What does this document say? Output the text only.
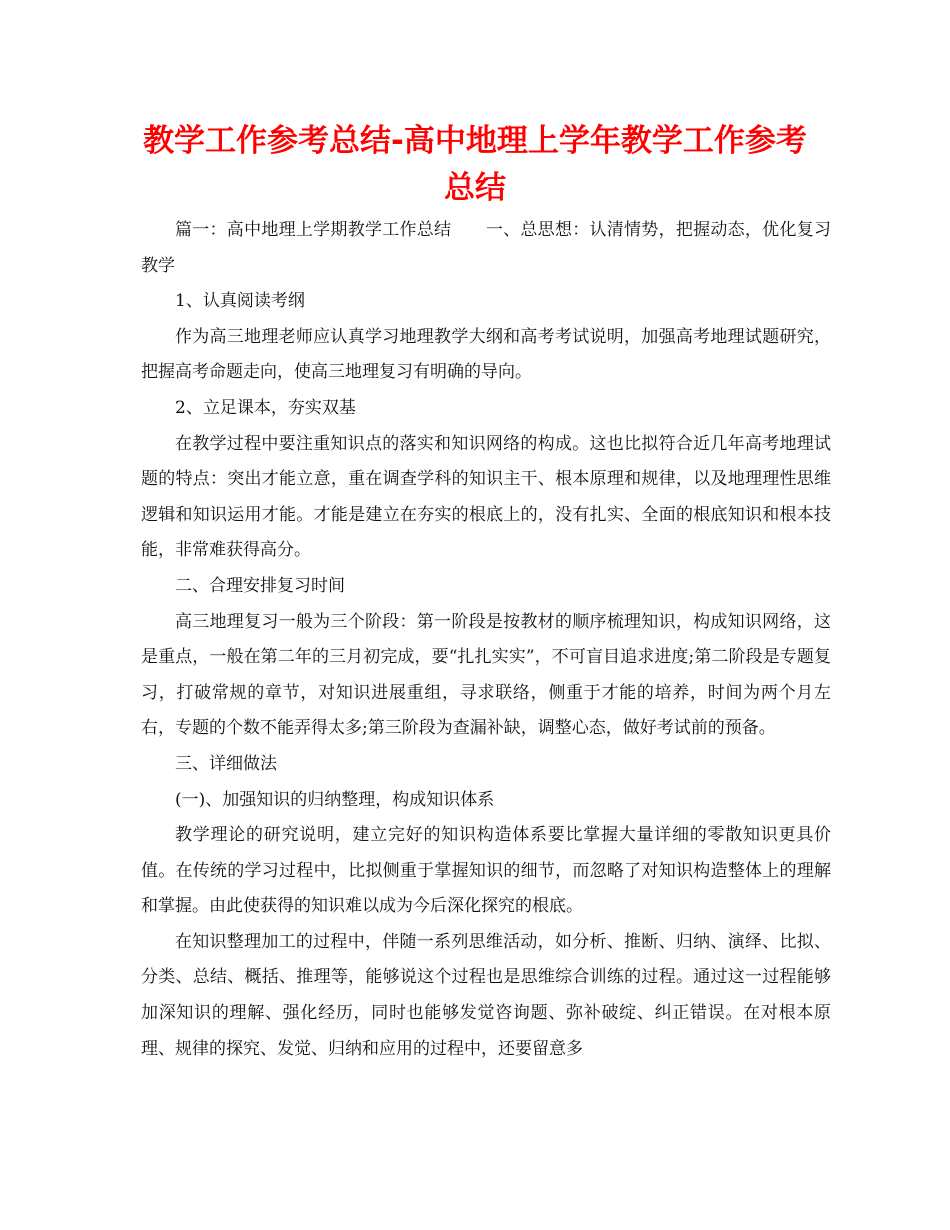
教学工作参考总结-高中地理上学年教学工作参考总结

篇一：高中地理上学期教学工作总结　　一、总思想：认清情势，把握动态，优化复习教学

1、认真阅读考纲

作为高三地理老师应认真学习地理教学大纲和高考考试说明，加强高考地理试题研究，把握高考命题走向，使高三地理复习有明确的导向。

2、立足课本，夯实双基

在教学过程中要注重知识点的落实和知识网络的构成。这也比拟符合近几年高考地理试题的特点：突出才能立意，重在调查学科的知识主干、根本原理和规律，以及地理理性思维逻辑和知识运用才能。才能是建立在夯实的根底上的，没有扎实、全面的根底知识和根本技能，非常难获得高分。

二、合理安排复习时间

高三地理复习一般为三个阶段：第一阶段是按教材的顺序梳理知识，构成知识网络，这是重点，一般在第二年的三月初完成，要“扎扎实实”，不可盲目追求进度;第二阶段是专题复习，打破常规的章节，对知识进展重组，寻求联络，侧重于才能的培养，时间为两个月左右，专题的个数不能弄得太多;第三阶段为查漏补缺，调整心态，做好考试前的预备。

三、详细做法

(一)、加强知识的归纳整理，构成知识体系

教学理论的研究说明，建立完好的知识构造体系要比掌握大量详细的零散知识更具价值。在传统的学习过程中，比拟侧重于掌握知识的细节，而忽略了对知识构造整体上的理解和掌握。由此使获得的知识难以成为今后深化探究的根底。

在知识整理加工的过程中，伴随一系列思维活动，如分析、推断、归纳、演绎、比拟、分类、总结、概括、推理等，能够说这个过程也是思维综合训练的过程。通过这一过程能够加深知识的理解、强化经历，同时也能够发觉咨询题、弥补破绽、纠正错误。在对根本原理、规律的探究、发觉、归纳和应用的过程中，还要留意多
